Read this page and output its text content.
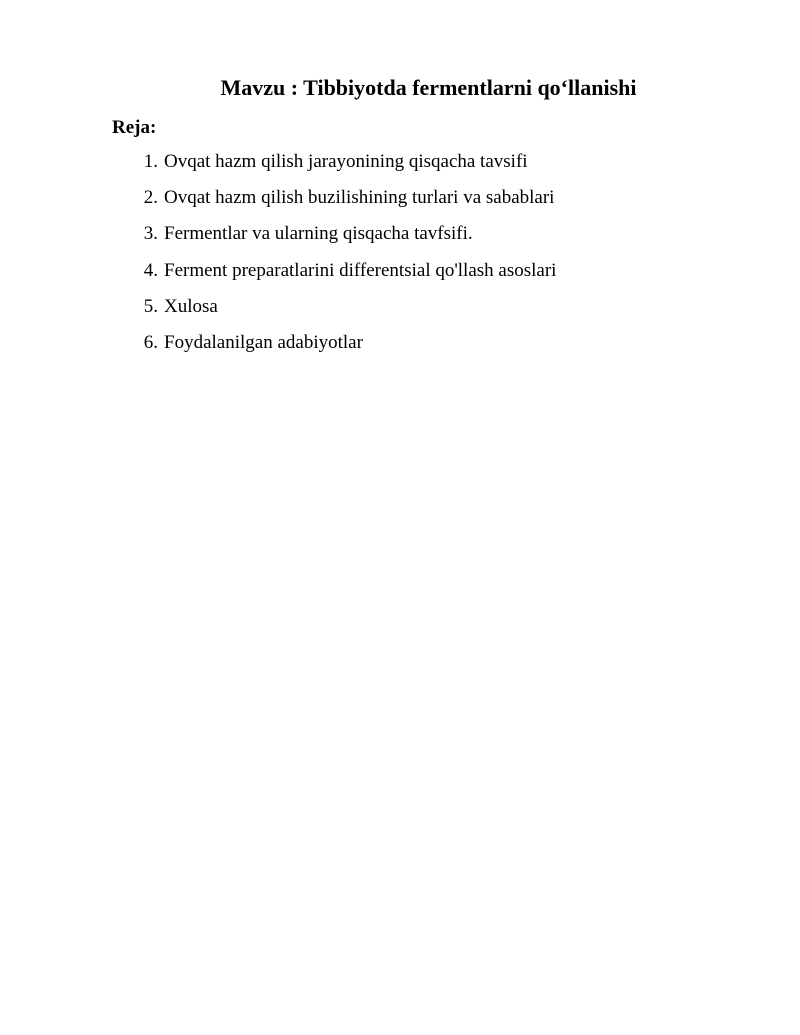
Mavzu : Tibbiyotda fermentlarni qo‘llanishi
Reja:
1. Ovqat hazm qilish jarayonining qisqacha tavsifi
2. Ovqat hazm qilish buzilishining turlari va sabablari
3. Fermentlar va ularning qisqacha tavfsifi.
4. Ferment preparatlarini differentsial qo'llash asoslari
5. Xulosa
6. Foydalanilgan adabiyotlar
